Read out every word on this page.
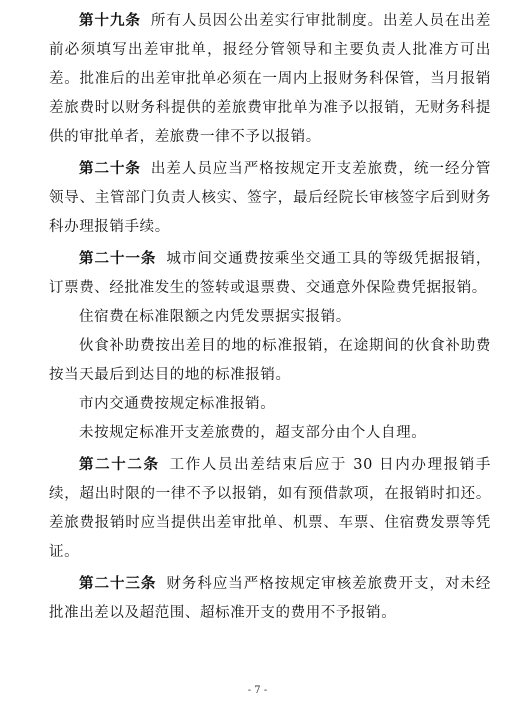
第十九条 所有人员因公出差实行审批制度。出差人员在出差前必须填写出差审批单，报经分管领导和主要负责人批准方可出差。批准后的出差审批单必须在一周内上报财务科保管，当月报销差旅费时以财务科提供的差旅费审批单为准予以报销，无财务科提供的审批单者，差旅费一律不予以报销。

第二十条 出差人员应当严格按规定开支差旅费，统一经分管领导、主管部门负责人核实、签字，最后经院长审核签字后到财务科办理报销手续。

第二十一条 城市间交通费按乘坐交通工具的等级凭据报销，订票费、经批准发生的签转或退票费、交通意外保险费凭据报销。

住宿费在标准限额之内凭发票据实报销。

伙食补助费按出差目的地的标准报销，在途期间的伙食补助费按当天最后到达目的地的标准报销。

市内交通费按规定标准报销。

未按规定标准开支差旅费的，超支部分由个人自理。

第二十二条 工作人员出差结束后应于 30 日内办理报销手续，超出时限的一律不予以报销，如有预借款项，在报销时扣还。差旅费报销时应当提供出差审批单、机票、车票、住宿费发票等凭证。

第二十三条 财务科应当严格按规定审核差旅费开支，对未经批准出差以及超范围、超标准开支的费用不予报销。

- 7 -
